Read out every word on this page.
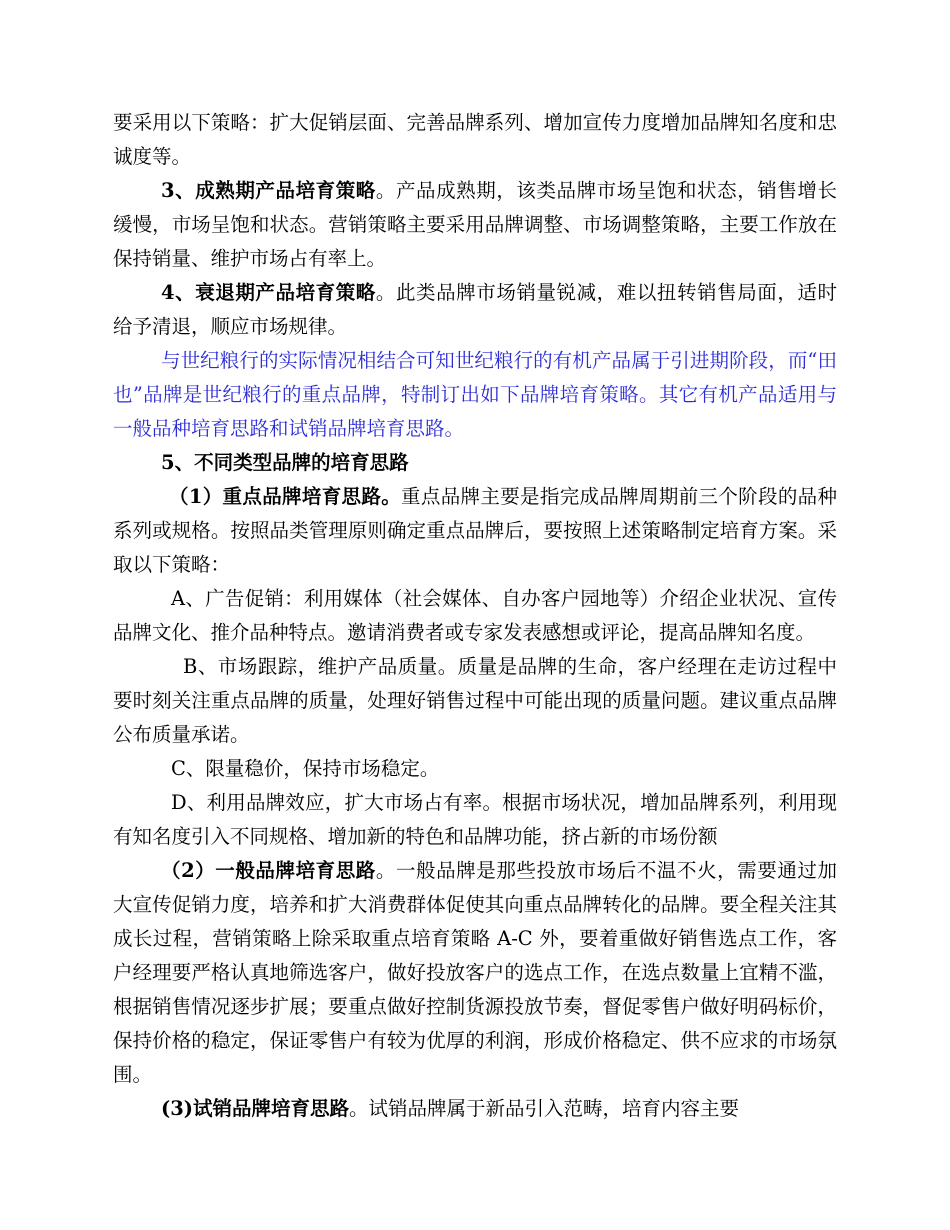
要采用以下策略：扩大促销层面、完善品牌系列、增加宣传力度增加品牌知名度和忠诚度等。

3、成熟期产品培育策略。产品成熟期，该类品牌市场呈饱和状态，销售增长缓慢，市场呈饱和状态。营销策略主要采用品牌调整、市场调整策略，主要工作放在保持销量、维护市场占有率上。

4、衰退期产品培育策略。此类品牌市场销量锐减，难以扭转销售局面，适时给予清退，顺应市场规律。

与世纪粮行的实际情况相结合可知世纪粮行的有机产品属于引进期阶段，而“田也”品牌是世纪粮行的重点品牌，特制订出如下品牌培育策略。其它有机产品适用与一般品种培育思路和试销品牌培育思路。

5、不同类型品牌的培育思路

（1）重点品牌培育思路。重点品牌主要是指完成品牌周期前三个阶段的品种系列或规格。按照品类管理原则确定重点品牌后，要按照上述策略制定培育方案。采取以下策略：

A、广告促销：利用媒体（社会媒体、自办客户园地等）介绍企业状况、宣传品牌文化、推介品种特点。邀请消费者或专家发表感想或评论，提高品牌知名度。

B、市场跟踪，维护产品质量。质量是品牌的生命，客户经理在走访过程中要时刻关注重点品牌的质量，处理好销售过程中可能出现的质量问题。建议重点品牌公布质量承诺。

C、限量稳价，保持市场稳定。

D、利用品牌效应，扩大市场占有率。根据市场状况，增加品牌系列，利用现有知名度引入不同规格、增加新的特色和品牌功能，挤占新的市场份额

（2）一般品牌培育思路。一般品牌是那些投放市场后不温不火，需要通过加大宣传促销力度，培养和扩大消费群体促使其向重点品牌转化的品牌。要全程关注其成长过程，营销策略上除采取重点培育策略 A-C 外，要着重做好销售选点工作，客户经理要严格认真地筛选客户，做好投放客户的选点工作，在选点数量上宜精不滥，根据销售情况逐步扩展；要重点做好控制货源投放节奏，督促零售户做好明码标价，保持价格的稳定，保证零售户有较为优厚的利润，形成价格稳定、供不应求的市场氛围。

(3)试销品牌培育思路。试销品牌属于新品引入范畴，培育内容主要
